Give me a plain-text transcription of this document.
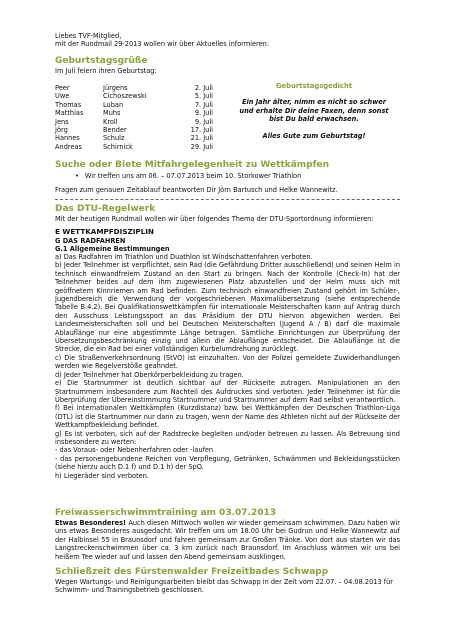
Liebes TVF-Mitglied,
mit der Rundmail 29-2013 wollen wir über Aktuelles informieren:
Geburtstagsgrüße
Im Juli feiern ihren Geburtstag:
Peer	Jürgens	2. Juli
Uwe	Cichoszewski	5. Juli
Thomas	Luban	7. Juli
Matthias	Muhs	9. Juli
Jens	Kroll	9. Juli
Jörg	Bender	17. Juli
Hannes	Schulz	21. Juli
Andreas	Schirnick	29. Juli
Geburtstagsgedicht
Ein Jahr älter, nimm es nicht so schwer
und erhalte Dir deine Faxen, denn sonst
bist Du bald erwachsen.
Alles Gute zum Geburtstag!
Suche oder Biete Mitfahrgelegenheit zu Wettkämpfen
• Wir treffen uns am 06. – 07.07.2013 beim 10. Storkower Triathlon
Fragen zum genauen Zeitablauf beantworten Dir Jörn Bartusch und Helke Wannewitz.
Das DTU-Regelwerk
Mit der heutigen Rundmail wollen wir über folgendes Thema der DTU-Sportordnung informieren:
E WETTKAMPFDISZIPLIN
G DAS RADFAHREN
G.1 Allgemeine Bestimmungen

a) Das Radfahren im Triathlon und Duathlon ist Windschattenfahren verboten.

b) Jeder Teilnehmer ist verpflichtet, sein Rad (die Gefährdung Dritter ausschließend) und seinen Helm in technisch einwandfreiem Zustand an den Start zu bringen. Nach der Kontrolle (Check-In) hat der Teilnehmer beides auf dem ihm zugewiesenen Platz abzustellen und der Helm muss sich mit geöffnetem Kinnriemen am Rad befinden. Zum technisch einwandfreien Zustand gehört im Schüler-, Jugendbereich die Verwendung der vorgeschriebenen Maximalübersetzung (siehe entsprechende Tabelle B.4.2). Bei Qualifikationswettkämpfen für internationale Meisterschaften kann auf Antrag durch den Ausschuss Leistungssport an das Präsidium der DTU hiervon abgewichen werden. Bei Landesmeisterschaften soll und bei Deutschen Meisterschaften (Jugend A / B) darf die maximale Ablauflänge nur eine abgestimmte Länge betragen. Sämtliche Einrichtungen zur Überprüfung der Übersetzungsbeschränkung einzig und allein die Ablauflänge entscheidet. Die Ablauflänge ist die Strecke, die ein Rad bei einer vollständigen Kurbelumdrehung zurücklegt.

c) Die Straßenverkehrsordnung (StVO) ist einzuhalten. Von der Polizei gemeldete Zuwiderhandlungen werden wie Regelverstöße geahndet.

d) Jeder Teilnehmer hat Oberkörperbekleidung zu tragen.

e) Die Startnummer ist deutlich sichtbar auf der Rückseite zutragen. Manipulationen an den Startnummern insbesondere zum Nachteil des Aufdruckes sind verboten. Jeder Teilnehmer ist für die Überprüfung der Übereinstimmung Startnummer und Startnummer auf dem Rad selbst verantwortlich.

f) Bei internationalen Wettkämpfen (Kurzdistanz) bzw. bei Wettkämpfen der Deutschen Triathlon-Liga (DTL) ist die Startnummer nur dann zu tragen, wenn der Name des Athleten nicht auf der Rückseite der Wettkampfbekleidung befindet.

g) Es ist verboten, sich auf der Radstrecke begleiten und/oder betreuen zu lassen. Als Betreuung sind insbesondere zu werten:

- das Voraus- oder Nebenherfahren oder -laufen

- das personengebundene Reichen von Verpflegung, Getränken, Schwämmen und Bekleidungsstücken (siehe hierzu auch D.1 f) und D.1 h) der SpO.

h) Liegeräder sind verboten.

Freiwasserschwimmtraining am 03.07.2013

Etwas Besonderes! Auch diesen Mittwoch wollen wir wieder gemeinsam schwimmen. Dazu haben wir uns etwas Besonderes ausgedacht. Wir treffen uns um 18.00 Uhr bei Gudrun und Helke Wannewitz auf der Halbinsel 55 in Braunsdorf und fahren gemeinsam zur Großen Tränke. Von dort aus starten wir das Langstreckenschwimmen über ca. 3 km zurück nach Braunsdorf. Im Anschluss wärmen wir uns bei heißem Tee wieder auf und lassen den Abend gemeinsam ausklingen.

Schließzeit des Fürstenwalder Freizeitbades Schwapp
Wegen Wartungs- und Reinigungsarbeiten bleibt das Schwapp in der Zeit vom 22.07. – 04.08.2013 für Schwimm- und Trainingsbetrieb geschlossen.
